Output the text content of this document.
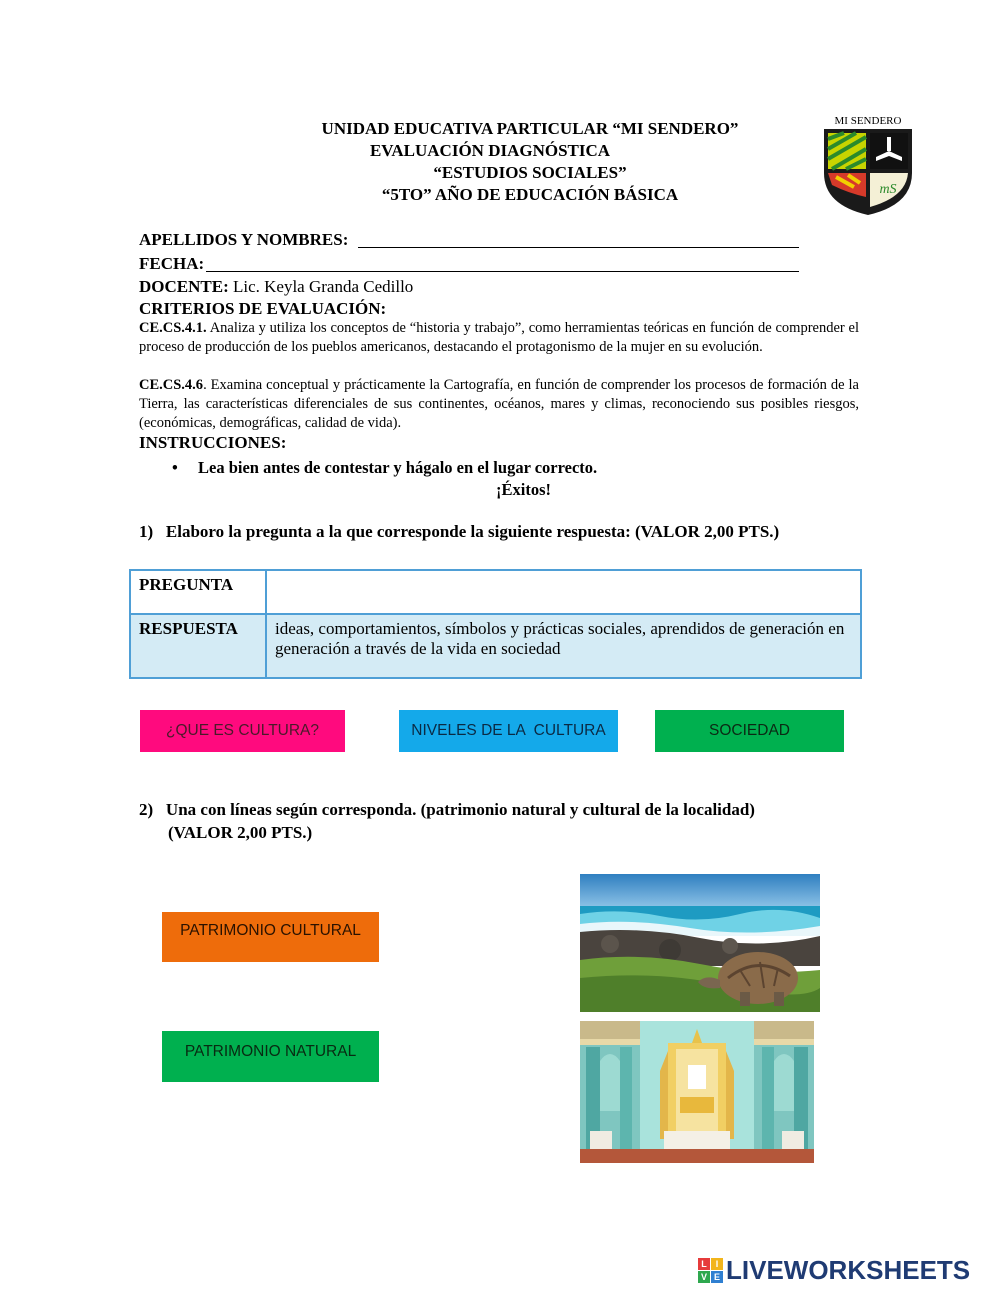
UNIDAD EDUCATIVA PARTICULAR “MI SENDERO”
EVALUACIÓN DIAGNÓSTICA
“ESTUDIOS SOCIALES”
“5TO” AÑO DE EDUCACIÓN BÁSICA
MI SENDERO
mS
APELLIDOS Y NOMBRES:
FECHA:
DOCENTE: Lic. Keyla Granda Cedillo
CRITERIOS DE EVALUACIÓN:
CE.CS.4.1. Analiza y utiliza los conceptos de “historia y trabajo”, como herramientas teóricas en función de comprender el proceso de producción de los pueblos americanos, destacando el protagonismo de la mujer en su evolución.
CE.CS.4.6. Examina conceptual y prácticamente la Cartografía, en función de comprender los procesos de formación de la Tierra, las características diferenciales de sus continentes, océanos, mares y climas, reconociendo sus posibles riesgos, (económicas, demográficas, calidad de vida).
INSTRUCCIONES:
• Lea bien antes de contestar y hágalo en el lugar correcto.
¡Éxitos!
1)   Elaboro la pregunta a la que corresponde la siguiente respuesta: (VALOR 2,00 PTS.)
PREGUNTA	
RESPUESTA	ideas, comportamientos, símbolos y prácticas sociales, aprendidos de generación en generación a través de la vida en sociedad
¿QUE ES CULTURA?	NIVELES DE LA  CULTURA	SOCIEDAD
2)   Una con líneas según corresponda. (patrimonio natural y cultural de la localidad)
(VALOR 2,00 PTS.)
PATRIMONIO CULTURAL
PATRIMONIO NATURAL
L I
V E LIVEWORKSHEETS
